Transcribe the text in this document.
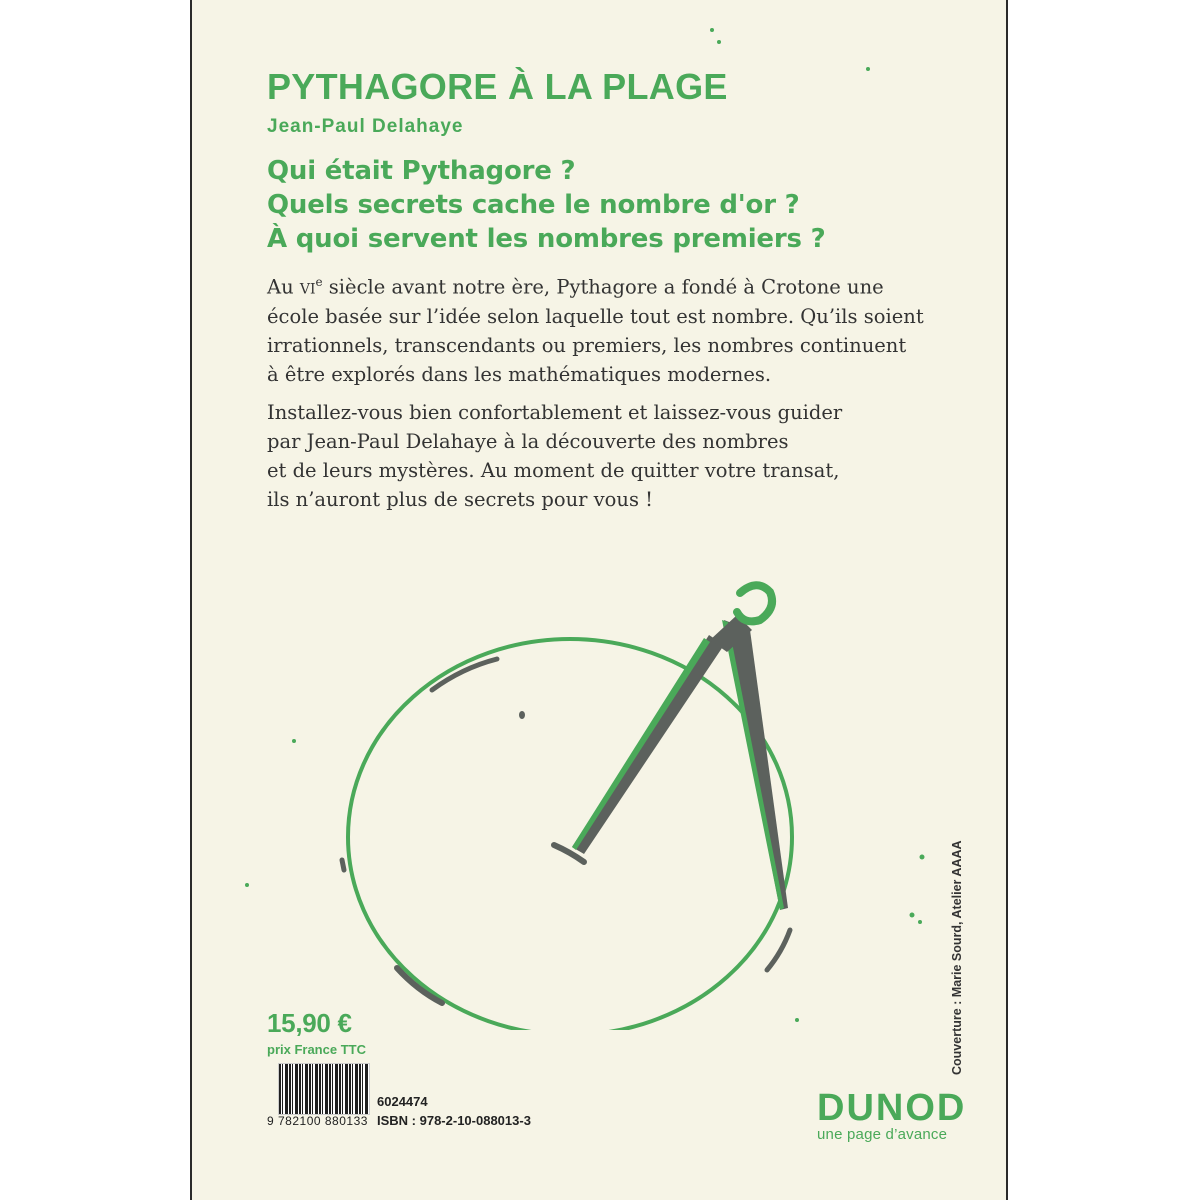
PYTHAGORE À LA PLAGE
Jean-Paul Delahaye
Qui était Pythagore ?
Quels secrets cache le nombre d'or ?
À quoi servent les nombres premiers ?
Au $vi^e$ siècle avant notre ère, Pythagore a fondé à Crotone une
école basée sur l’idée selon laquelle tout est nombre. Qu’ils soient
irrationnels, transcendants ou premiers, les nombres continuent
à être explorés dans les mathématiques modernes.
Installez-vous bien confortablement et laissez-vous guider
par Jean-Paul Delahaye à la découverte des nombres
et de leurs mystères. Au moment de quitter votre transat,
ils n’auront plus de secrets pour vous !
15,90 €
prix France TTC
9 782100 880133
6024474
ISBN : 978-2-10-088013-3	DUNOD
une page d’avance
Couverture : Marie Sourd, Atelier AAAA
